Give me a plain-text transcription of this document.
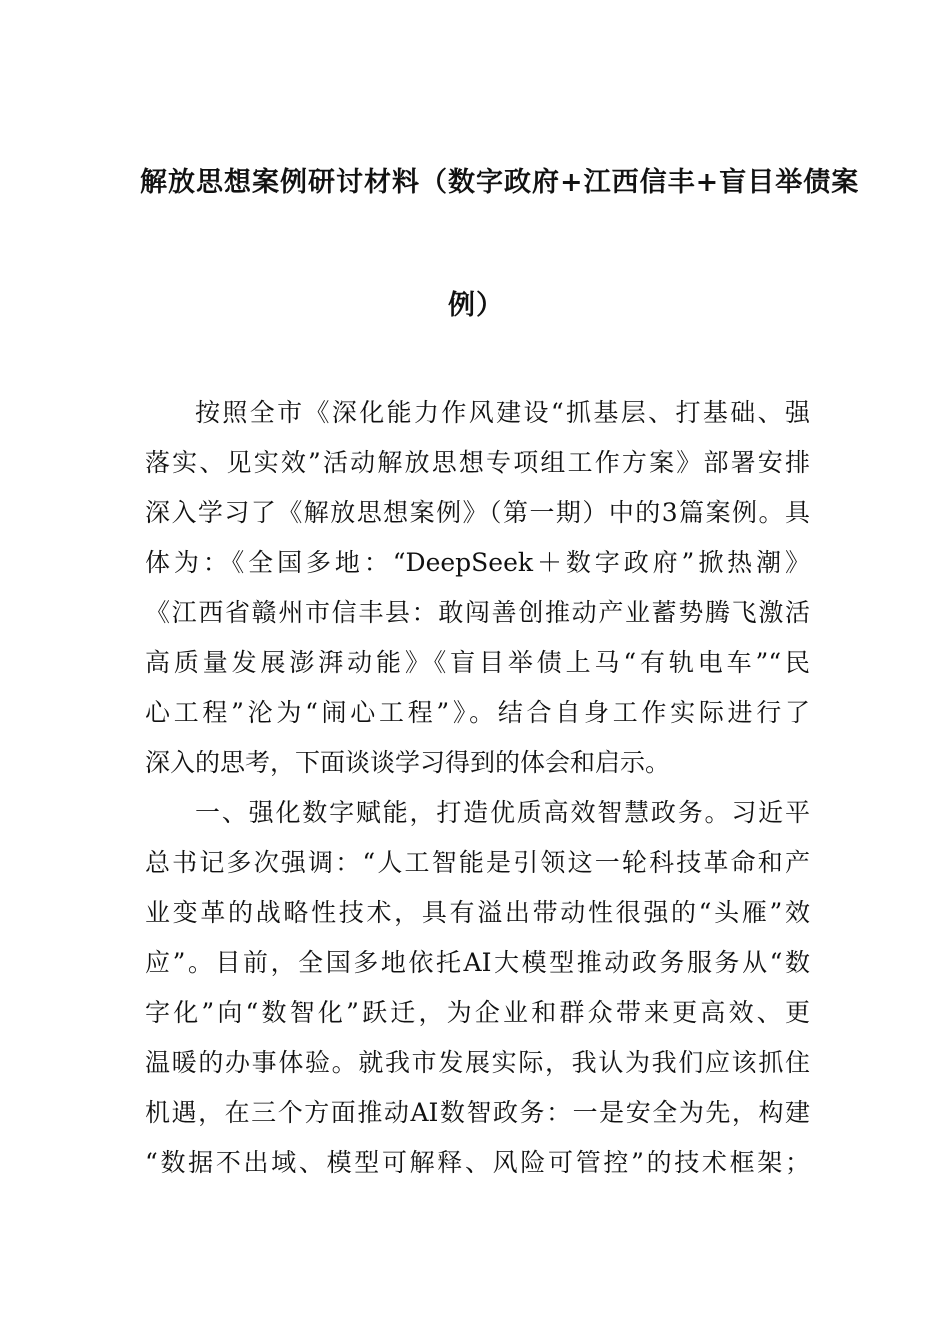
解放思想案例研讨材料（数字政府+江西信丰+盲目举债案
例）
按照全市《深化能力作风建设“抓基层、打基础、强
落实、见实效”活动解放思想专项组工作方案》部署安排
深入学习了《解放思想案例》（第一期）中的3篇案例。具
体为：《全国多地：“DeepSeek＋数字政府”掀热潮》
《江西省赣州市信丰县：敢闯善创推动产业蓄势腾飞激活
高质量发展澎湃动能》《盲目举债上马“有轨电车”“民
心工程”沦为“闹心工程”》。结合自身工作实际进行了
深入的思考，下面谈谈学习得到的体会和启示。
一、强化数字赋能，打造优质高效智慧政务。习近平
总书记多次强调：“人工智能是引领这一轮科技革命和产
业变革的战略性技术，具有溢出带动性很强的“头雁”效
应”。目前，全国多地依托AI大模型推动政务服务从“数
字化”向“数智化”跃迁，为企业和群众带来更高效、更
温暖的办事体验。就我市发展实际，我认为我们应该抓住
机遇，在三个方面推动AI数智政务：一是安全为先，构建
“数据不出域、模型可解释、风险可管控”的技术框架；
